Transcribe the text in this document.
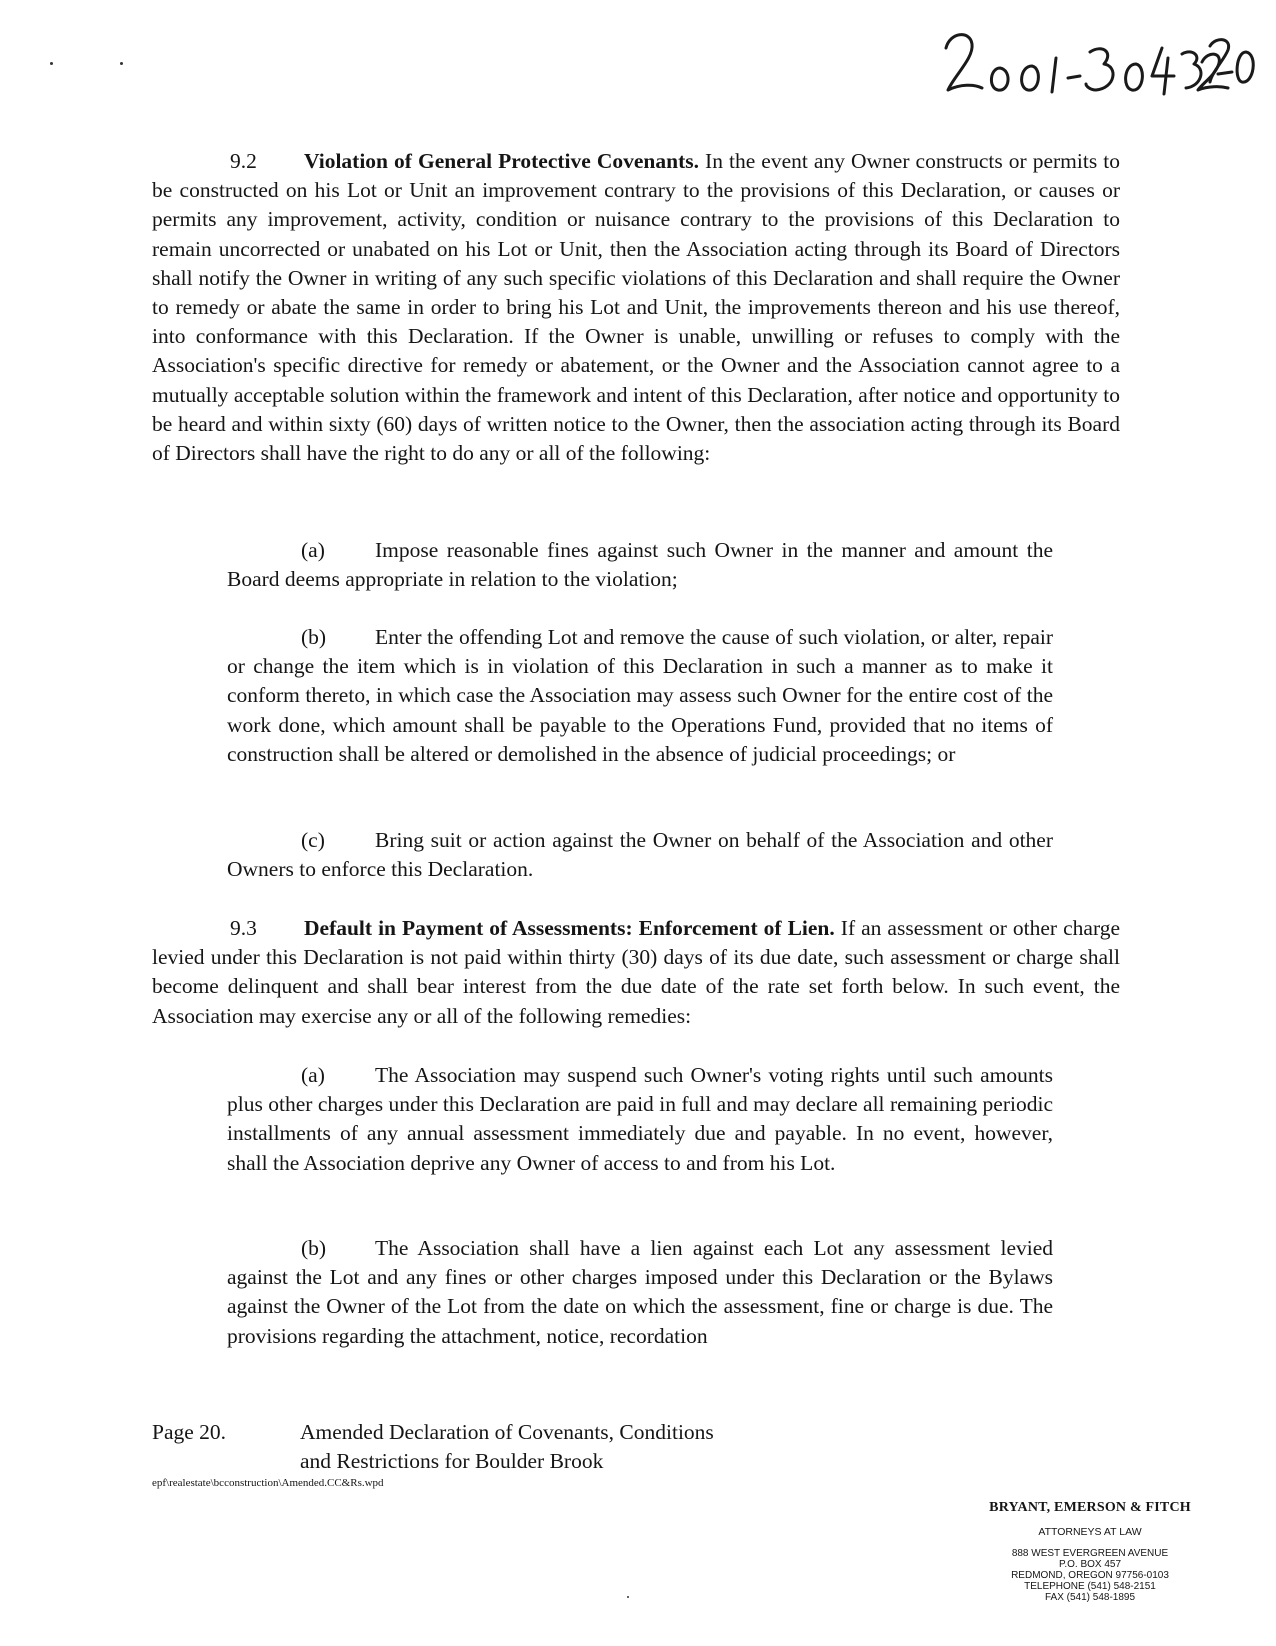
9.2 Violation of General Protective Covenants. In the event any Owner constructs or permits to be constructed on his Lot or Unit an improvement contrary to the provisions of this Declaration, or causes or permits any improvement, activity, condition or nuisance contrary to the provisions of this Declaration to remain uncorrected or unabated on his Lot or Unit, then the Association acting through its Board of Directors shall notify the Owner in writing of any such specific violations of this Declaration and shall require the Owner to remedy or abate the same in order to bring his Lot and Unit, the improvements thereon and his use thereof, into conformance with this Declaration. If the Owner is unable, unwilling or refuses to comply with the Association's specific directive for remedy or abatement, or the Owner and the Association cannot agree to a mutually acceptable solution within the framework and intent of this Declaration, after notice and opportunity to be heard and within sixty (60) days of written notice to the Owner, then the association acting through its Board of Directors shall have the right to do any or all of the following:
(a) Impose reasonable fines against such Owner in the manner and amount the Board deems appropriate in relation to the violation;
(b) Enter the offending Lot and remove the cause of such violation, or alter, repair or change the item which is in violation of this Declaration in such a manner as to make it conform thereto, in which case the Association may assess such Owner for the entire cost of the work done, which amount shall be payable to the Operations Fund, provided that no items of construction shall be altered or demolished in the absence of judicial proceedings; or
(c) Bring suit or action against the Owner on behalf of the Association and other Owners to enforce this Declaration.
9.3 Default in Payment of Assessments: Enforcement of Lien. If an assessment or other charge levied under this Declaration is not paid within thirty (30) days of its due date, such assessment or charge shall become delinquent and shall bear interest from the due date of the rate set forth below. In such event, the Association may exercise any or all of the following remedies:
(a) The Association may suspend such Owner's voting rights until such amounts plus other charges under this Declaration are paid in full and may declare all remaining periodic installments of any annual assessment immediately due and payable. In no event, however, shall the Association deprive any Owner of access to and from his Lot.
(b) The Association shall have a lien against each Lot any assessment levied against the Lot and any fines or other charges imposed under this Declaration or the Bylaws against the Owner of the Lot from the date on which the assessment, fine or charge is due. The provisions regarding the attachment, notice, recordation
Page 20.	Amended Declaration of Covenants, Conditions
and Restrictions for Boulder Brook
epf\realestate\bcconstruction\Amended.CC&Rs.wpd
BRYANT, EMERSON & FITCH
ATTORNEYS AT LAW
888 WEST EVERGREEN AVENUE
P.O. BOX 457
REDMOND, OREGON 97756-0103
TELEPHONE (541) 548-2151
FAX (541) 548-1895
